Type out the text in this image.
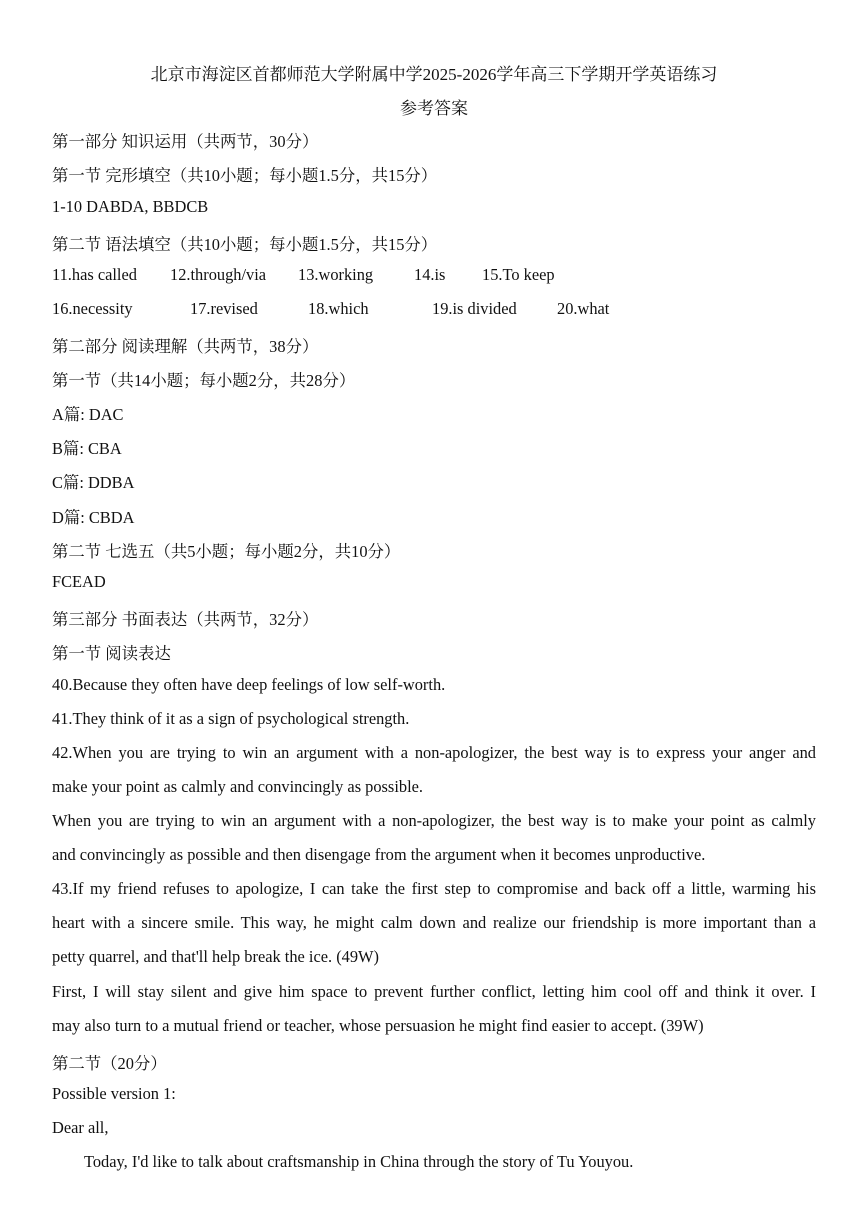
北京市海淀区首都师范大学附属中学2025-2026学年高三下学期开学英语练习
参考答案
第一部分 知识运用（共两节，30分）
第一节 完形填空（共10小题；每小题1.5分，共15分）
1-10 DABDA, BBDCB
第二节 语法填空（共10小题；每小题1.5分，共15分）
11.has called 12.through/via 13.working 14.is 15.To keep
16.necessity	17.revised	18.which	19.is divided 20.what
第二部分 阅读理解（共两节，38分）
第一节（共14小题；每小题2分，共28分）
A篇: DAC
B篇: CBA
C篇: DDBA
D篇: CBDA
第二节 七选五（共5小题；每小题2分，共10分）
FCEAD
第三部分 书面表达（共两节，32分）
第一节 阅读表达
40.Because they often have deep feelings of low self-worth.
41.They think of it as a sign of psychological strength.
42.When you are trying to win an argument with a non-apologizer, the best way is to express your anger and
make your point as calmly and convincingly as possible.
When you are trying to win an argument with a non-apologizer, the best way is to make your point as calmly
and convincingly as possible and then disengage from the argument when it becomes unproductive.
43.If my friend refuses to apologize, I can take the first step to compromise and back off a little, warming his
heart with a sincere smile. This way, he might calm down and realize our friendship is more important than a
petty quarrel, and that'll help break the ice. (49W)
First, I will stay silent and give him space to prevent further conflict, letting him cool off and think it over. I
may also turn to a mutual friend or teacher, whose persuasion he might find easier to accept. (39W)
第二节（20分）
Possible version 1:
Dear all,
Today, I'd like to talk about craftsmanship in China through the story of Tu Youyou.
